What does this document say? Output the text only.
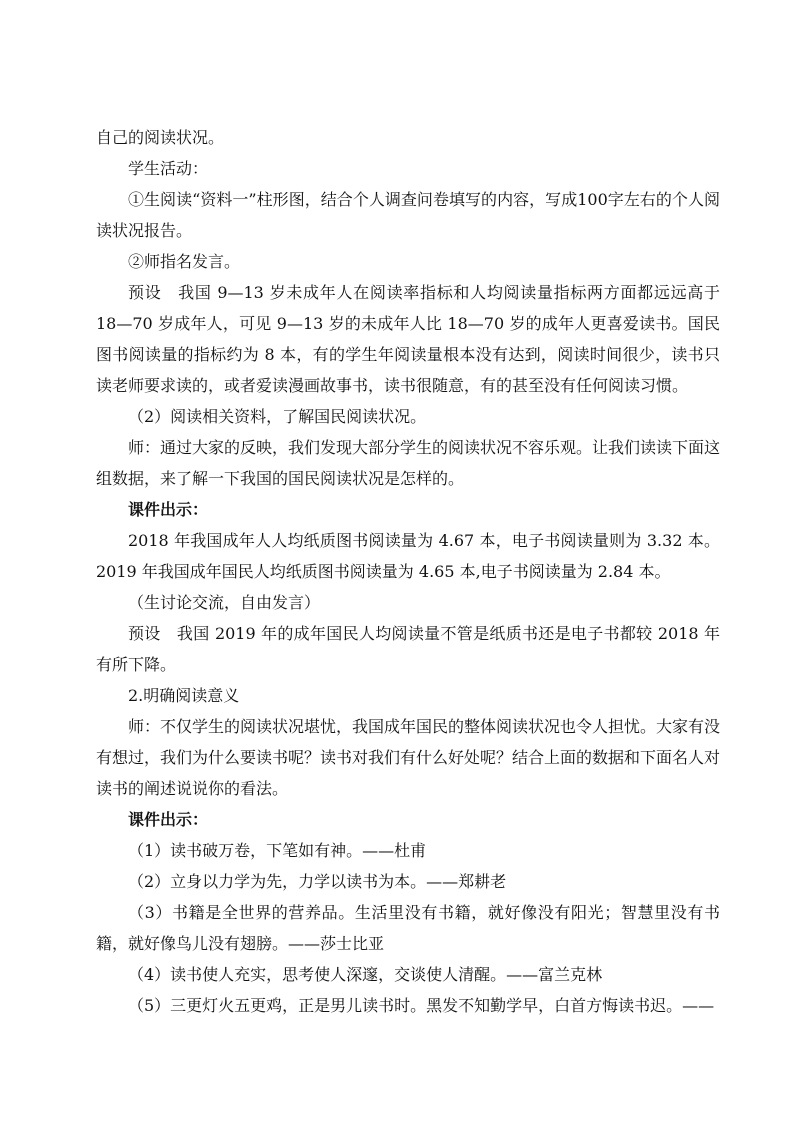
自己的阅读状况。

学生活动：

①生阅读“资料一”柱形图，结合个人调查问卷填写的内容，写成100字左右的个人阅读状况报告。

②师指名发言。

预设　我国 9—13 岁未成年人在阅读率指标和人均阅读量指标两方面都远远高于 18—70 岁成年人，可见 9—13 岁的未成年人比 18—70 岁的成年人更喜爱读书。国民图书阅读量的指标约为 8 本，有的学生年阅读量根本没有达到，阅读时间很少，读书只读老师要求读的，或者爱读漫画故事书，读书很随意，有的甚至没有任何阅读习惯。

（2）阅读相关资料，了解国民阅读状况。

师：通过大家的反映，我们发现大部分学生的阅读状况不容乐观。让我们读读下面这组数据，来了解一下我国的国民阅读状况是怎样的。

课件出示：

2018 年我国成年人人均纸质图书阅读量为 4.67 本，电子书阅读量则为 3.32 本。2019 年我国成年国民人均纸质图书阅读量为 4.65 本,电子书阅读量为 2.84 本。

（生讨论交流，自由发言）

预设　我国 2019 年的成年国民人均阅读量不管是纸质书还是电子书都较 2018 年有所下降。

2.明确阅读意义

师：不仅学生的阅读状况堪忧，我国成年国民的整体阅读状况也令人担忧。大家有没有想过，我们为什么要读书呢？读书对我们有什么好处呢？结合上面的数据和下面名人对读书的阐述说说你的看法。

课件出示：

（1）读书破万卷，下笔如有神。——杜甫

（2）立身以力学为先，力学以读书为本。——郑耕老

（3）书籍是全世界的营养品。生活里没有书籍，就好像没有阳光；智慧里没有书籍，就好像鸟儿没有翅膀。——莎士比亚

（4）读书使人充实，思考使人深邃，交谈使人清醒。——富兰克林

（5）三更灯火五更鸡，正是男儿读书时。黑发不知勤学早，白首方悔读书迟。——
